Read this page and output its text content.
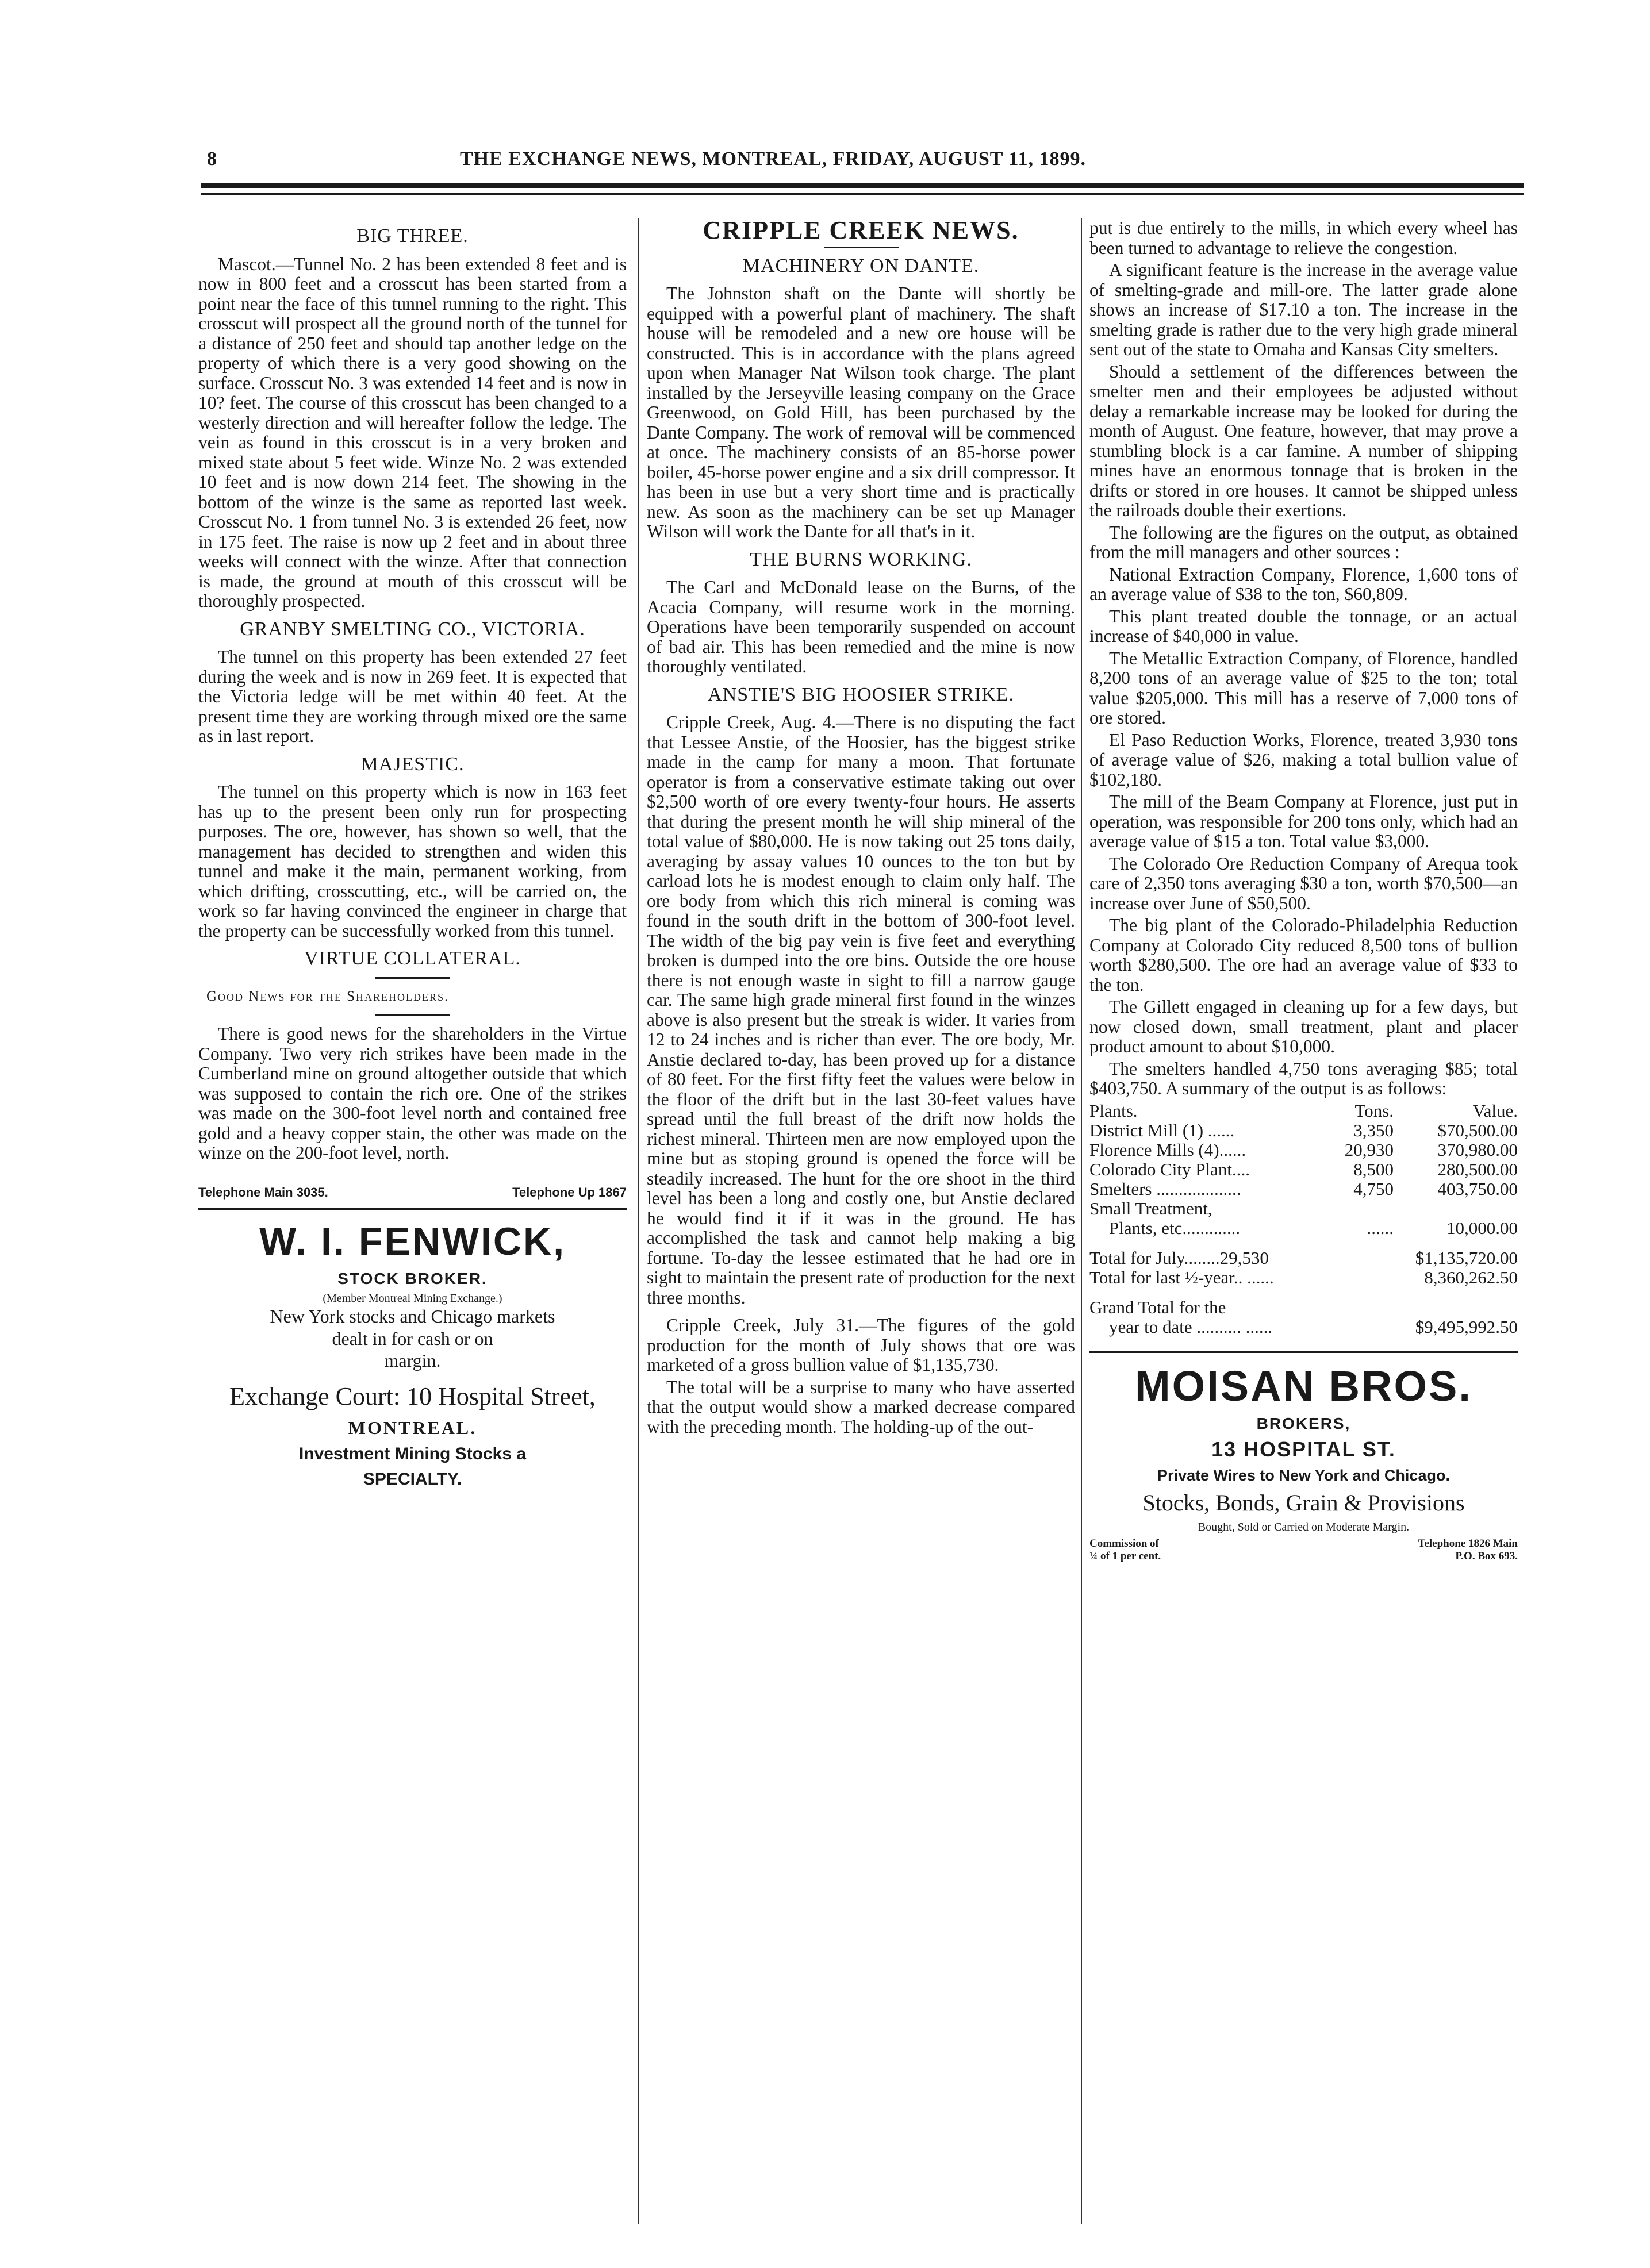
8	THE EXCHANGE NEWS, MONTREAL, FRIDAY, AUGUST 11, 1899.
BIG THREE.

Mascot.—Tunnel No. 2 has been extended 8 feet and is now in 800 feet and a crosscut has been started from a point near the face of this tunnel running to the right. This crosscut will prospect all the ground north of the tunnel for a distance of 250 feet and should tap another ledge on the property of which there is a very good showing on the surface. Crosscut No. 3 was extended 14 feet and is now in 10? feet. The course of this crosscut has been changed to a westerly direction and will hereafter follow the ledge. The vein as found in this crosscut is in a very broken and mixed state about 5 feet wide. Winze No. 2 was extended 10 feet and is now down 214 feet. The showing in the bottom of the winze is the same as reported last week. Crosscut No. 1 from tunnel No. 3 is extended 26 feet, now in 175 feet. The raise is now up 2 feet and in about three weeks will connect with the winze. After that connection is made, the ground at mouth of this crosscut will be thoroughly prospected.

GRANBY SMELTING CO., VICTORIA.

The tunnel on this property has been extended 27 feet during the week and is now in 269 feet. It is expected that the Victoria ledge will be met within 40 feet. At the present time they are working through mixed ore the same as in last report.

MAJESTIC.

The tunnel on this property which is now in 163 feet has up to the present been only run for prospecting purposes. The ore, however, has shown so well, that the management has decided to strengthen and widen this tunnel and make it the main, permanent working, from which drifting, crosscutting, etc., will be carried on, the work so far having convinced the engineer in charge that the property can be successfully worked from this tunnel.

VIRTUE COLLATERAL.
Good News for the Shareholders.

There is good news for the shareholders in the Virtue Company. Two very rich strikes have been made in the Cumberland mine on ground altogether outside that which was supposed to contain the rich ore. One of the strikes was made on the 300-foot level north and contained free gold and a heavy copper stain, the other was made on the winze on the 200-foot level, north.

Telephone Main 3035.	Telephone Up 1867
W. I. FENWICK,
STOCK BROKER.
(Member Montreal Mining Exchange.)
New York stocks and Chicago markets
dealt in for cash or on
margin.
Exchange Court: 10 Hospital Street,
MONTREAL.
Investment Mining Stocks a
SPECIALTY.
CRIPPLE CREEK NEWS.
MACHINERY ON DANTE.

The Johnston shaft on the Dante will shortly be equipped with a powerful plant of machinery. The shaft house will be remodeled and a new ore house will be constructed. This is in accordance with the plans agreed upon when Manager Nat Wilson took charge. The plant installed by the Jerseyville leasing company on the Grace Greenwood, on Gold Hill, has been purchased by the Dante Company. The work of removal will be commenced at once. The machinery consists of an 85-horse power boiler, 45-horse power engine and a six drill compressor. It has been in use but a very short time and is practically new. As soon as the machinery can be set up Manager Wilson will work the Dante for all that's in it.

THE BURNS WORKING.

The Carl and McDonald lease on the Burns, of the Acacia Company, will resume work in the morning. Operations have been temporarily suspended on account of bad air. This has been remedied and the mine is now thoroughly ventilated.

ANSTIE'S BIG HOOSIER STRIKE.

Cripple Creek, Aug. 4.—There is no disputing the fact that Lessee Anstie, of the Hoosier, has the biggest strike made in the camp for many a moon. That fortunate operator is from a conservative estimate taking out over $2,500 worth of ore every twenty-four hours. He asserts that during the present month he will ship mineral of the total value of $80,000. He is now taking out 25 tons daily, averaging by assay values 10 ounces to the ton but by carload lots he is modest enough to claim only half. The ore body from which this rich mineral is coming was found in the south drift in the bottom of 300-foot level. The width of the big pay vein is five feet and everything broken is dumped into the ore bins. Outside the ore house there is not enough waste in sight to fill a narrow gauge car. The same high grade mineral first found in the winzes above is also present but the streak is wider. It varies from 12 to 24 inches and is richer than ever. The ore body, Mr. Anstie declared to-day, has been proved up for a distance of 80 feet. For the first fifty feet the values were below in the floor of the drift but in the last 30-feet values have spread until the full breast of the drift now holds the richest mineral. Thirteen men are now employed upon the mine but as stoping ground is opened the force will be steadily increased. The hunt for the ore shoot in the third level has been a long and costly one, but Anstie declared he would find it if it was in the ground. He has accomplished the task and cannot help making a big fortune. To-day the lessee estimated that he had ore in sight to maintain the present rate of production for the next three months.

Cripple Creek, July 31.—The figures of the gold production for the month of July shows that ore was marketed of a gross bullion value of $1,135,730.

The total will be a surprise to many who have asserted that the output would show a marked decrease compared with the preceding month. The holding-up of the out-

put is due entirely to the mills, in which every wheel has been turned to advantage to relieve the congestion.

A significant feature is the increase in the average value of smelting-grade and mill-ore. The latter grade alone shows an increase of $17.10 a ton. The increase in the smelting grade is rather due to the very high grade mineral sent out of the state to Omaha and Kansas City smelters.

Should a settlement of the differences between the smelter men and their employees be adjusted without delay a remarkable increase may be looked for during the month of August. One feature, however, that may prove a stumbling block is a car famine. A number of shipping mines have an enormous tonnage that is broken in the drifts or stored in ore houses. It cannot be shipped unless the railroads double their exertions.

The following are the figures on the output, as obtained from the mill managers and other sources :

National Extraction Company, Florence, 1,600 tons of an average value of $38 to the ton, $60,809.

This plant treated double the tonnage, or an actual increase of $40,000 in value.

The Metallic Extraction Company, of Florence, handled 8,200 tons of an average value of $25 to the ton; total value $205,000. This mill has a reserve of 7,000 tons of ore stored.

El Paso Reduction Works, Florence, treated 3,930 tons of average value of $26, making a total bullion value of $102,180.

The mill of the Beam Company at Florence, just put in operation, was responsible for 200 tons only, which had an average value of $15 a ton. Total value $3,000.

The Colorado Ore Reduction Company of Arequa took care of 2,350 tons averaging $30 a ton, worth $70,500—an increase over June of $50,500.

The big plant of the Colorado-Philadelphia Reduction Company at Colorado City reduced 8,500 tons of bullion worth $280,500. The ore had an average value of $33 to the ton.

The Gillett engaged in cleaning up for a few days, but now closed down, small treatment, plant and placer product amount to about $10,000.

The smelters handled 4,750 tons averaging $85; total $403,750. A summary of the output is as follows:

Plants.	Tons.	Value.
District Mill (1) ......	3,350	$70,500.00
Florence Mills (4)......	20,930	370,980.00
Colorado City Plant....	8,500	280,500.00
Smelters ...................	4,750	403,750.00
Small Treatment,		
Plants, etc.............	......	10,000.00
Total for July........29,530	$1,135,720.00
Total for last ½-year.. ......	8,360,262.50
Grand Total for the
year to date .......... ......	$9,495,992.50
MOISAN BROS.
BROKERS,
13 HOSPITAL ST.
Private Wires to New York and Chicago.
Stocks, Bonds, Grain & Provisions
Bought, Sold or Carried on Moderate Margin.
Commission of
¼ of 1 per cent.
Telephone 1826 Main
P.O. Box 693.
